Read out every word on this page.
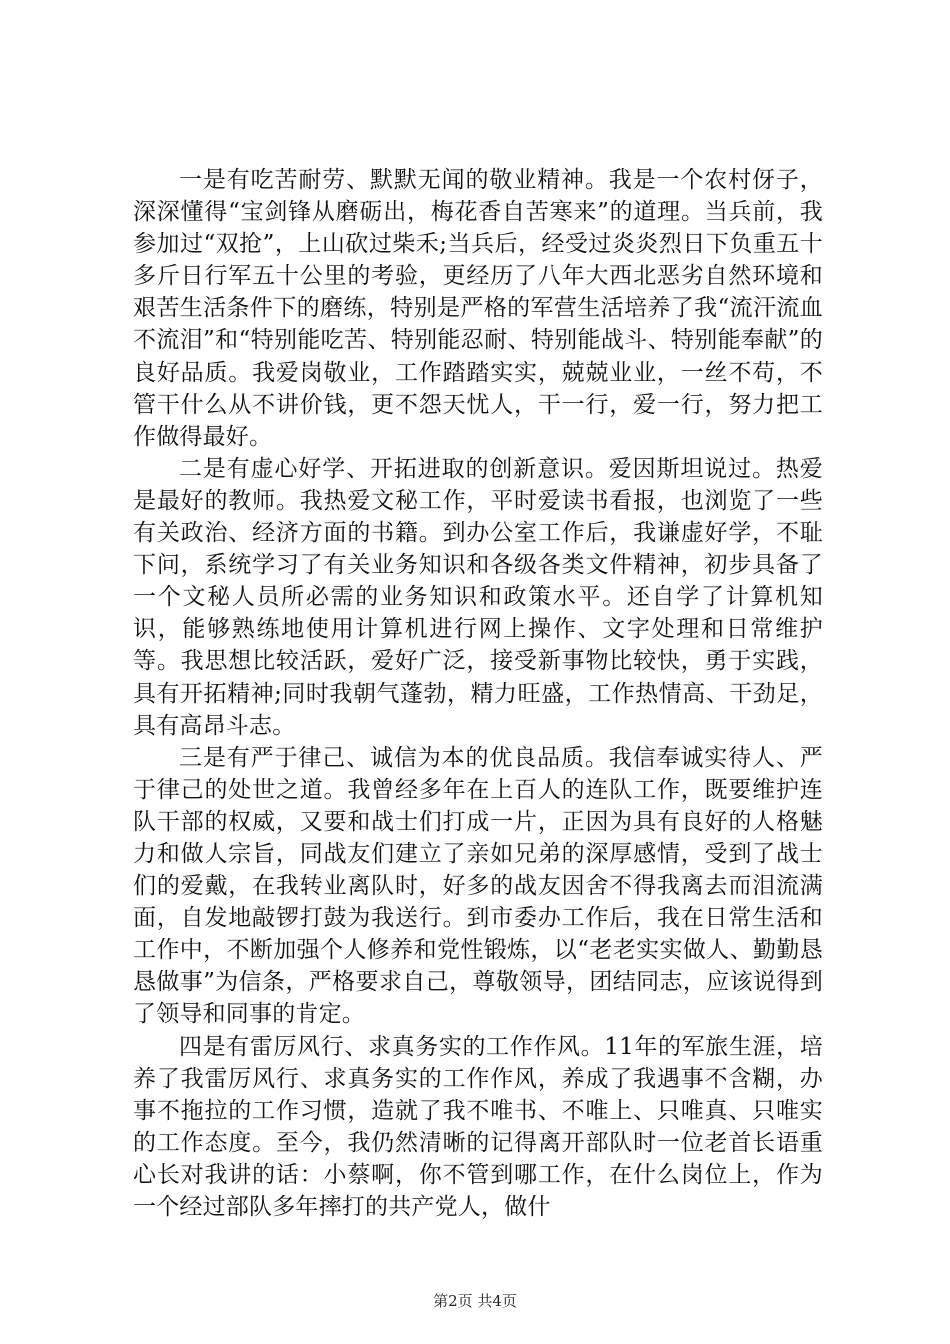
一是有吃苦耐劳、默默无闻的敬业精神。我是一个农村伢子，深深懂得“宝剑锋从磨砺出，梅花香自苦寒来”的道理。当兵前，我参加过“双抢”，上山砍过柴禾;当兵后，经受过炎炎烈日下负重五十多斤日行军五十公里的考验，更经历了八年大西北恶劣自然环境和艰苦生活条件下的磨练，特别是严格的军营生活培养了我“流汗流血不流泪”和“特别能吃苦、特别能忍耐、特别能战斗、特别能奉献”的良好品质。我爱岗敬业，工作踏踏实实，兢兢业业，一丝不苟，不管干什么从不讲价钱，更不怨天忧人，干一行，爱一行，努力把工作做得最好。

二是有虚心好学、开拓进取的创新意识。爱因斯坦说过。热爱是最好的教师。我热爱文秘工作，平时爱读书看报，也浏览了一些有关政治、经济方面的书籍。到办公室工作后，我谦虚好学，不耻下问，系统学习了有关业务知识和各级各类文件精神，初步具备了一个文秘人员所必需的业务知识和政策水平。还自学了计算机知识，能够熟练地使用计算机进行网上操作、文字处理和日常维护等。我思想比较活跃，爱好广泛，接受新事物比较快，勇于实践，具有开拓精神;同时我朝气蓬勃，精力旺盛，工作热情高、干劲足，具有高昂斗志。

三是有严于律己、诚信为本的优良品质。我信奉诚实待人、严于律己的处世之道。我曾经多年在上百人的连队工作，既要维护连队干部的权威，又要和战士们打成一片，正因为具有良好的人格魅力和做人宗旨，同战友们建立了亲如兄弟的深厚感情，受到了战士们的爱戴，在我转业离队时，好多的战友因舍不得我离去而泪流满面，自发地敲锣打鼓为我送行。到市委办工作后，我在日常生活和工作中，不断加强个人修养和党性锻炼，以“老老实实做人、勤勤恳恳做事”为信条，严格要求自己，尊敬领导，团结同志，应该说得到了领导和同事的肯定。

四是有雷厉风行、求真务实的工作作风。11年的军旅生涯，培养了我雷厉风行、求真务实的工作作风，养成了我遇事不含糊，办事不拖拉的工作习惯，造就了我不唯书、不唯上、只唯真、只唯实的工作态度。至今，我仍然清晰的记得离开部队时一位老首长语重心长对我讲的话：小蔡啊，你不管到哪工作，在什么岗位上，作为一个经过部队多年摔打的共产党人，做什

第2页 共4页
